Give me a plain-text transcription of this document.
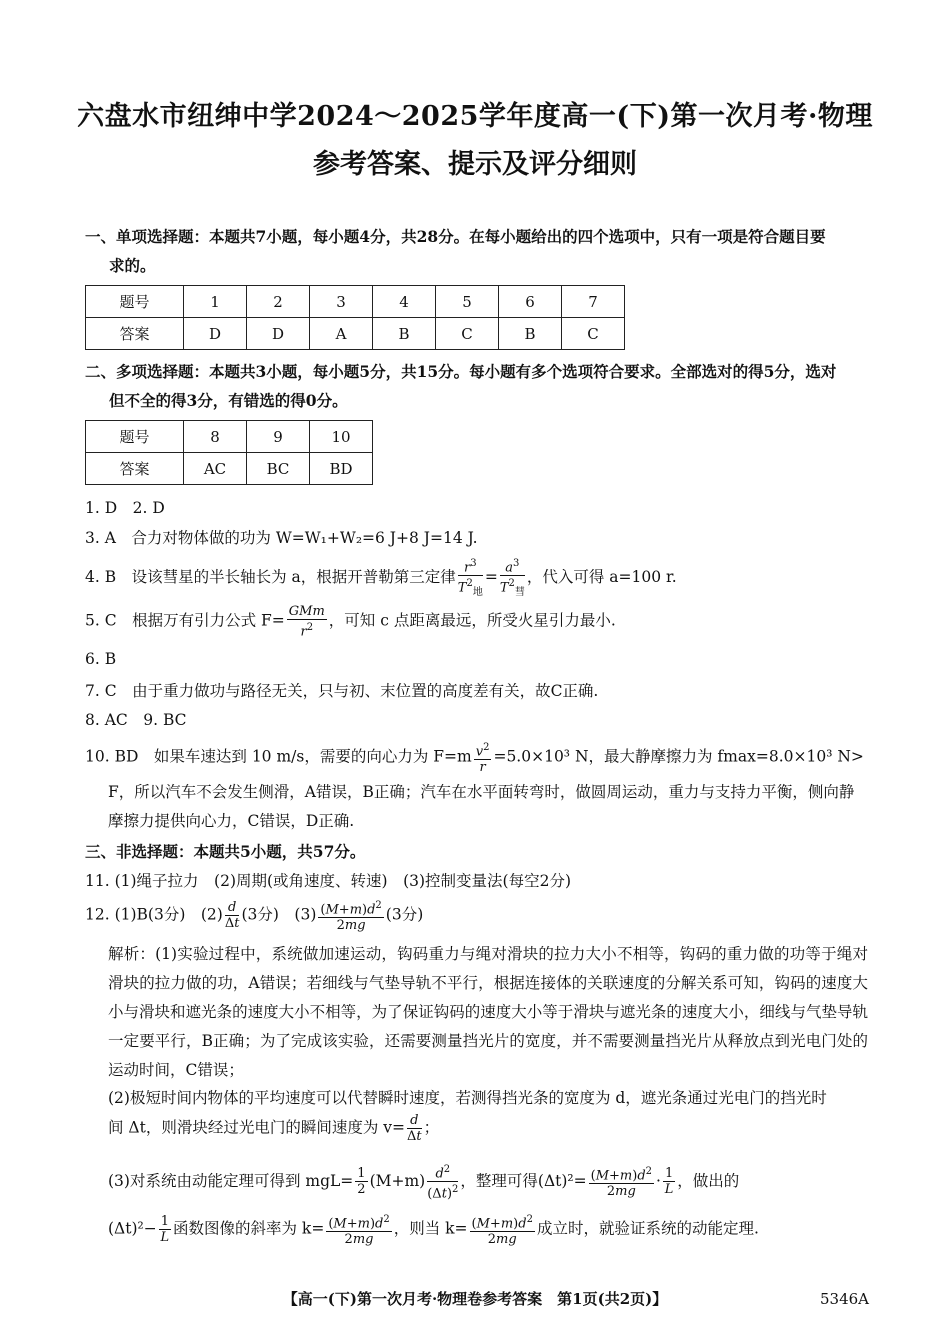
六盘水市纽绅中学2024～2025学年度高一(下)第一次月考·物理
参考答案、提示及评分细则
一、单项选择题：本题共7小题，每小题4分，共28分。在每小题给出的四个选项中，只有一项是符合题目要
求的。
题号	1	2	3	4	5	6	7
答案	D	D	A	B	C	B	C
二、多项选择题：本题共3小题，每小题5分，共15分。每小题有多个选项符合要求。全部选对的得5分，选对
但不全的得3分，有错选的得0分。
题号	8	9	10
答案	AC	BC	BD
1. D　2. D
3. A　合力对物体做的功为 W=W₁+W₂=6 J+8 J=14 J.
4. B　设该彗星的半长轴长为 a，根据开普勒第三定律 $\frac{r^3}{T^2_地} = \frac{a^3}{T^2_彗}$ ，代入可得 a=100 r.
5. C　根据万有引力公式 $F= \frac{\text{GMm}}{r^2}$ ，可知 c 点距离最远，所受火星引力最小.
6. B
7. C　由于重力做功与路径无关，只与初、末位置的高度差有关，故C正确.
8. AC　9. BC
10. BD　如果车速达到 10 m/s，需要的向心力为 $F=m \frac{v^2}{r} =5.0\times 10^3$ N，最大静摩擦力为 fmax=8.0×10³ N>
F，所以汽车不会发生侧滑，A错误，B正确；汽车在水平面转弯时，做圆周运动，重力与支持力平衡，侧向静
摩擦力提供向心力，C错误，D正确.
三、非选择题：本题共5小题，共57分。
11. (1)绳子拉力　(2)周期(或角速度、转速)　(3)控制变量法(每空2分)
12. (1)B(3分)　$(2) \frac{d}{\Delta t} (3$分)　$(3) \frac{(M+m)d^2}{2mg} (3$分)
解析：(1)实验过程中，系统做加速运动，钩码重力与绳对滑块的拉力大小不相等，钩码的重力做的功等于绳对滑块的拉力做的功，A错误；若细线与气垫导轨不平行，根据连接体的关联速度的分解关系可知，钩码的速度大小与滑块和遮光条的速度大小不相等，为了保证钩码的速度大小等于滑块与遮光条的速度大小，细线与气垫导轨一定要平行，B正确；为了完成该实验，还需要测量挡光片的宽度，并不需要测量挡光片从释放点到光电门处的运动时间，C错误；
(2)极短时间内物体的平均速度可以代替瞬时速度，若测得挡光条的宽度为 d，遮光条通过光电门的挡光时
间 Δt，则滑块经过光电门的瞬间速度为 $v= \frac{d}{\Delta t}$ ；
(3)对系统由动能定理可得到 $mgL= \frac{1}{2} (M+m) \frac{d^2}{(\Delta t)^2}$ ，整理可得$(\Delta t)^2= \frac{(M+m)d^2}{2mg} \cdot \frac{1}{L}$ ，做出的
$(\Delta t)^2- \frac{1}{L}$ 函数图像的斜率为 $k= \frac{(M+m)d^2}{2mg}$ ，则当 $k= \frac{(M+m)d^2}{2mg}$ 成立时，就验证系统的动能定理.
【高一(下)第一次月考·物理卷参考答案　第1页(共2页)】	5346A
